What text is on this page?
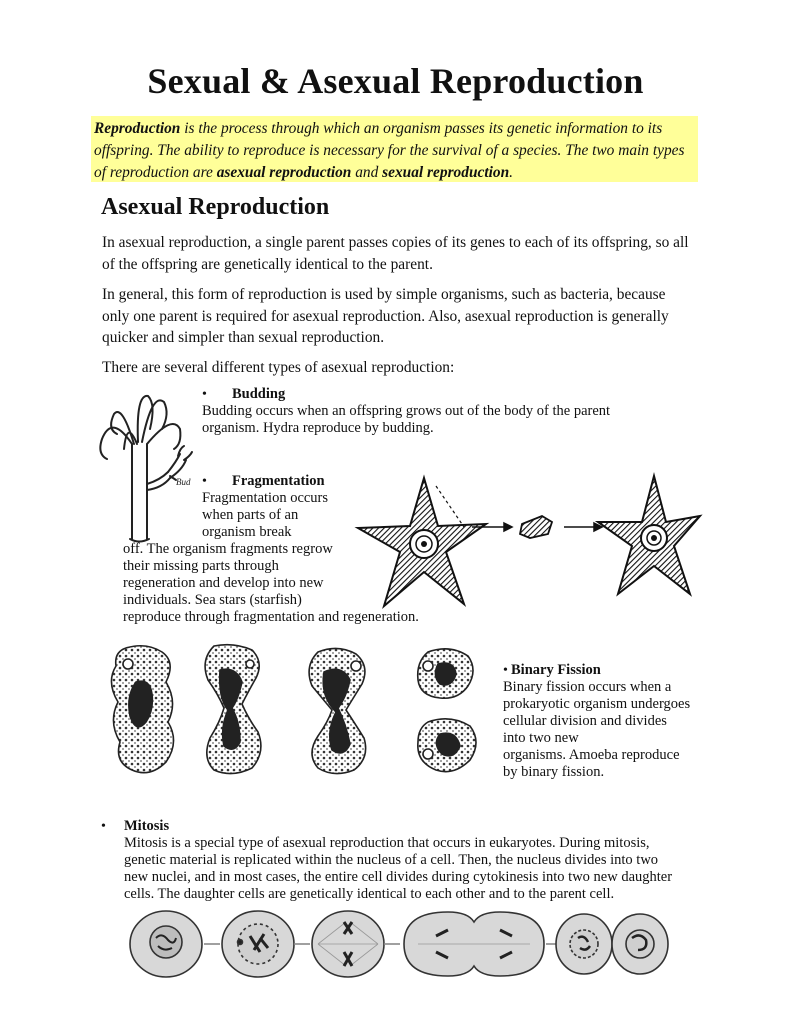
Sexual & Asexual Reproduction
Reproduction is the process through which an organism passes its genetic information to its offspring. The ability to reproduce is necessary for the survival of a species. The two main types of reproduction are asexual reproduction and sexual reproduction.
Asexual Reproduction
In asexual reproduction, a single parent passes copies of its genes to each of its offspring, so all of the offspring are genetically identical to the parent.
In general, this form of reproduction is used by simple organisms, such as bacteria, because only one parent is required for asexual reproduction. Also, asexual reproduction is generally quicker and simpler than sexual reproduction.
There are several different types of asexual reproduction:
Bud
• Budding
Budding occurs when an offspring grows out of the body of the parent organism. Hydra reproduce by budding.
• Fragmentation
Fragmentation occurs
when parts of an
organism break
off. The organism fragments regrow
their missing parts through
regeneration and develop into new
individuals. Sea stars (starfish)
reproduce through fragmentation and regeneration.
• Binary Fission
Binary fission occurs when a
prokaryotic organism undergoes
cellular division and divides
into two new
organisms. Amoeba reproduce
by binary fission.
• Mitosis
Mitosis is a special type of asexual reproduction that occurs in eukaryotes. During mitosis,
genetic material is replicated within the nucleus of a cell. Then, the nucleus divides into two
new nuclei, and in most cases, the entire cell divides during cytokinesis into two new daughter
cells. The daughter cells are genetically identical to each other and to the parent cell.
